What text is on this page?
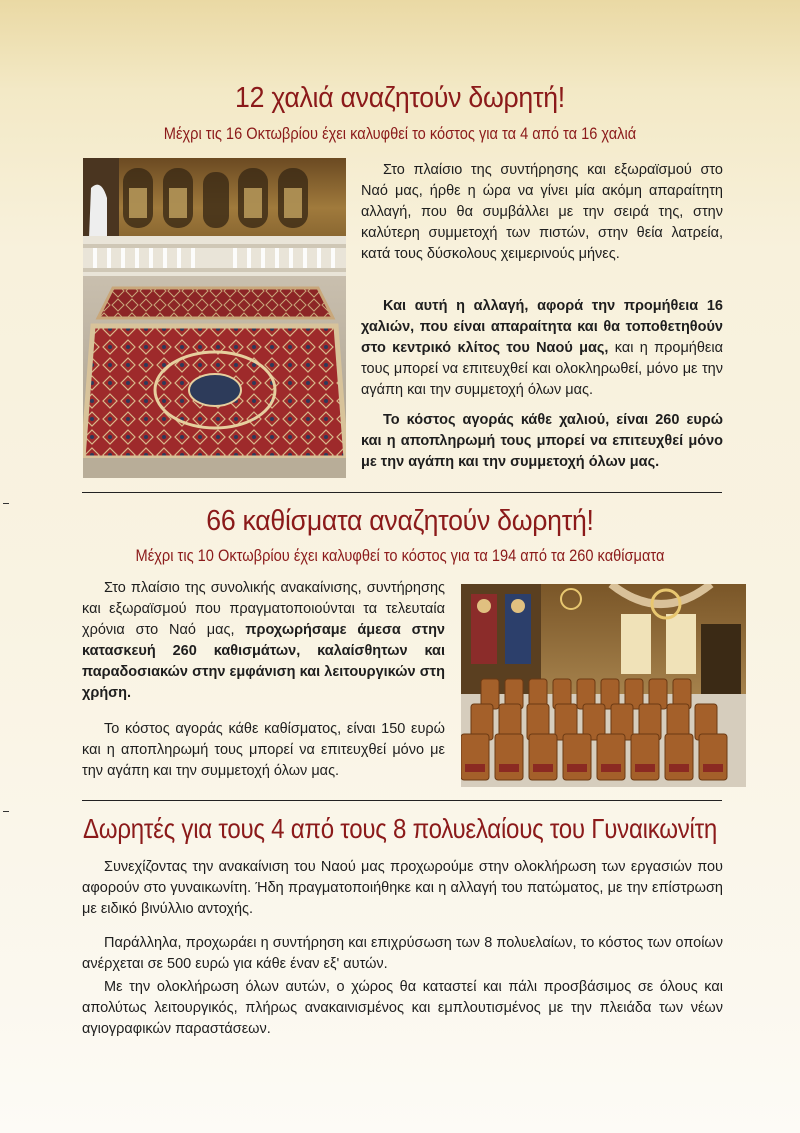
12 χαλιά αναζητούν δωρητή!
Μέχρι τις 16 Οκτωβρίου έχει καλυφθεί το κόστος για τα 4 από τα 16 χαλιά

Στο πλαίσιο της συντήρησης και εξωραϊσμού στο Ναό μας, ήρθε η ώρα να γίνει μία ακόμη απαραίτητη αλλαγή, που θα συμβάλλει με την σειρά της, στην καλύτερη συμμετοχή των πιστών, στην θεία λατρεία, κατά τους δύσκολους χειμερινούς μήνες.

Και αυτή η αλλαγή, αφορά την προμήθεια 16 χαλιών, που είναι απαραίτητα και θα τοποθετηθούν στο κεντρικό κλίτος του Ναού μας, και η προμήθεια τους μπορεί να επιτευχθεί και ολοκληρωθεί, μόνο με την αγάπη και την συμμετοχή όλων μας.

Το κόστος αγοράς κάθε χαλιού, είναι 260 ευρώ και η αποπληρωμή τους μπορεί να επιτευχθεί μόνο με την αγάπη και την συμμετοχή όλων μας.

66 καθίσματα αναζητούν δωρητή!
Μέχρι τις 10 Οκτωβρίου έχει καλυφθεί το κόστος για τα 194 από τα 260 καθίσματα

Στο πλαίσιο της συνολικής ανακαίνισης, συντήρησης και εξωραϊσμού που πραγματοποιούνται τα τελευταία χρόνια στο Ναό μας, προχωρήσαμε άμεσα στην κατασκευή 260 καθισμάτων, καλαίσθητων και παραδοσιακών στην εμφάνιση και λειτουργικών στη χρήση.

Το κόστος αγοράς κάθε καθίσματος, είναι 150 ευρώ και η αποπληρωμή τους μπορεί να επιτευχθεί μόνο με την αγάπη και την συμμετοχή όλων μας.

Δωρητές για τους 4 από τους 8 πολυελαίους του Γυναικωνίτη

Συνεχίζοντας την ανακαίνιση του Ναού μας προχωρούμε στην ολοκλήρωση των εργασιών που αφορούν στο γυναικωνίτη. Ήδη πραγματοποιήθηκε και η αλλαγή του πατώματος, με την επίστρωση με ειδικό βινύλλιο αντοχής.

Παράλληλα, προχωράει η συντήρηση και επιχρύσωση των 8 πολυελαίων, το κόστος των οποίων ανέρχεται σε 500 ευρώ για κάθε έναν εξ' αυτών.

Με την ολοκλήρωση όλων αυτών, ο χώρος θα καταστεί και πάλι προσβάσιμος σε όλους και απολύτως λειτουργικός, πλήρως ανακαινισμένος και εμπλουτισμένος με την πλειάδα των νέων αγιογραφικών παραστάσεων.
